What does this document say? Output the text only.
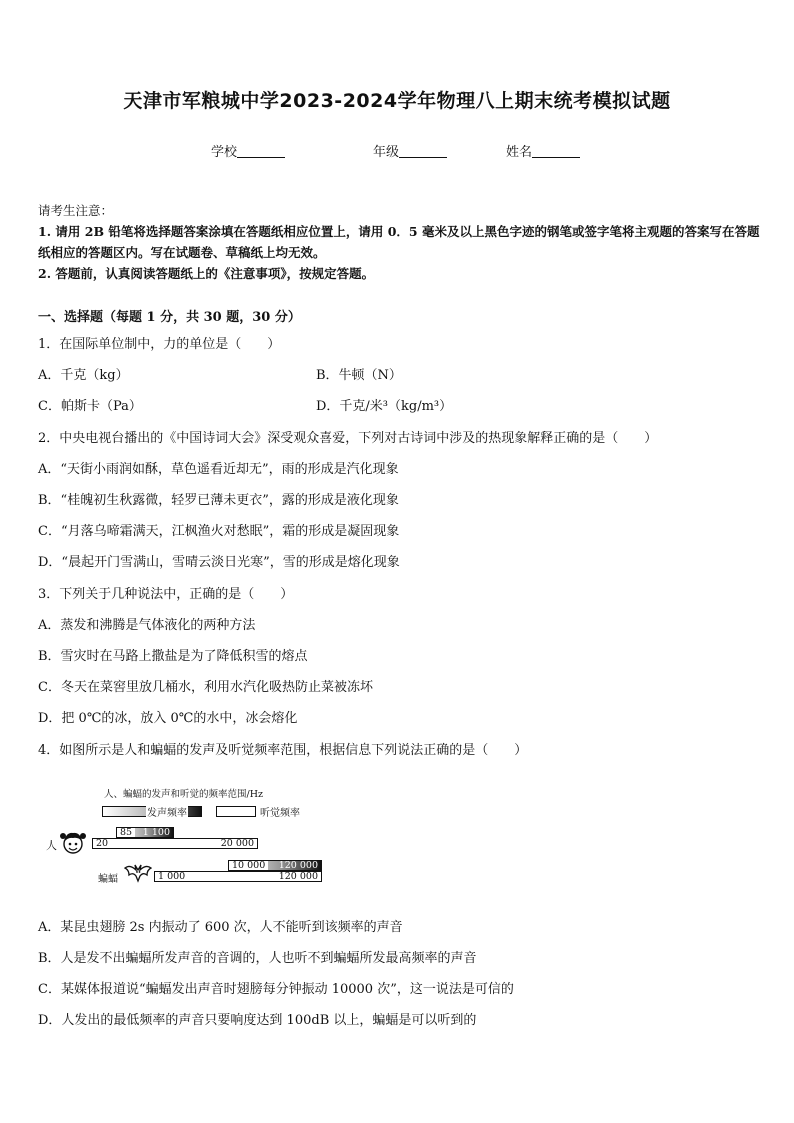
天津市军粮城中学2023-2024学年物理八上期末统考模拟试题
学校	年级	姓名
请考生注意：
1. 请用 2B 铅笔将选择题答案涂填在答题纸相应位置上，请用 0．5 毫米及以上黑色字迹的钢笔或签字笔将主观题的答案写在答题纸相应的答题区内。写在试题卷、草稿纸上均无效。
2. 答题前，认真阅读答题纸上的《注意事项》，按规定答题。
一、选择题（每题 1 分，共 30 题，30 分）
1．在国际单位制中，力的单位是（　　）
A．千克（kg）	B．牛顿（N）
C．帕斯卡（Pa）	D．千克/米³（kg/m³）
2．中央电视台播出的《中国诗词大会》深受观众喜爱，下列对古诗词中涉及的热现象解释正确的是（　　）
A．“天街小雨润如酥，草色遥看近却无”，雨的形成是汽化现象
B．“桂魄初生秋露微，轻罗已薄未更衣”，露的形成是液化现象
C．“月落乌啼霜满天，江枫渔火对愁眠”，霜的形成是凝固现象
D．“晨起开门雪满山，雪晴云淡日光寒”，雪的形成是熔化现象
3．下列关于几种说法中，正确的是（　　）
A．蒸发和沸腾是气体液化的两种方法
B．雪灾时在马路上撒盐是为了降低积雪的熔点
C．冬天在菜窖里放几桶水，利用水汽化吸热防止菜被冻坏
D．把 0℃的冰，放入 0℃的水中，冰会熔化
4．如图所示是人和蝙蝠的发声及听觉频率范围，根据信息下列说法正确的是（　　）
人、蝙蝠的发声和听觉的频率范围/Hz
发声频率	听觉频率
人
85	1 100
20	20 000
10 000	120 000
1 000	120 000
蝙蝠
A．某昆虫翅膀 2s 内振动了 600 次，人不能听到该频率的声音
B．人是发不出蝙蝠所发声音的音调的，人也听不到蝙蝠所发最高频率的声音
C．某媒体报道说“蝙蝠发出声音时翅膀每分钟振动 10000 次”，这一说法是可信的
D．人发出的最低频率的声音只要响度达到 100dB 以上，蝙蝠是可以听到的
